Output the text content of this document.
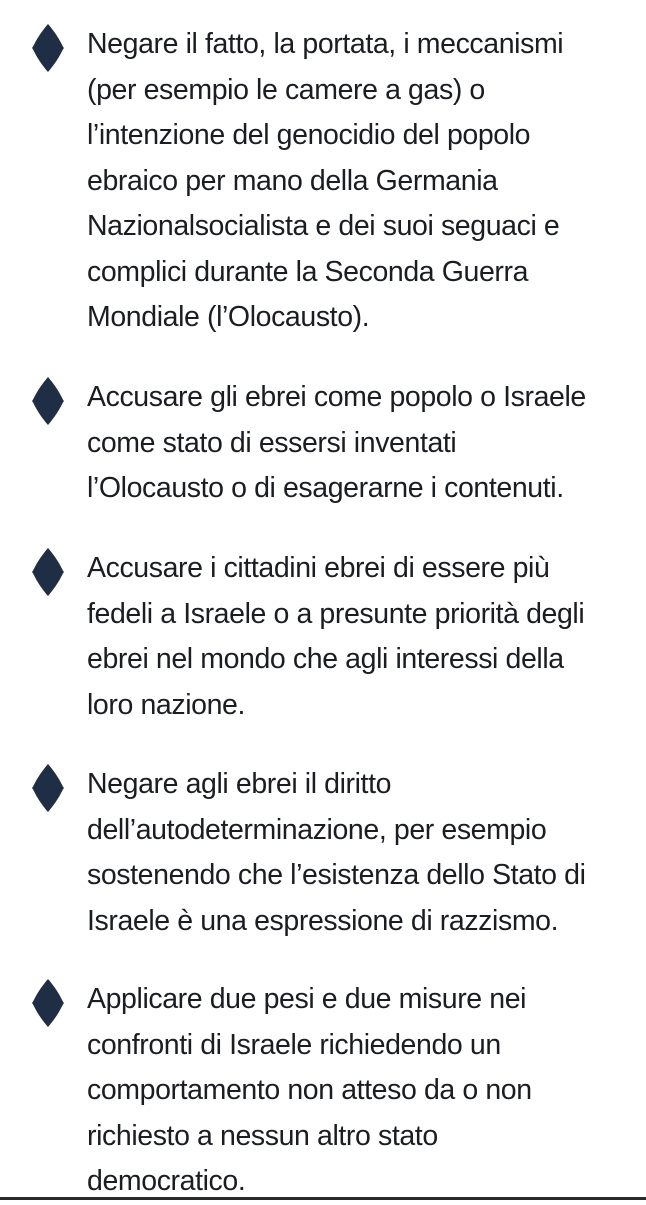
Negare il fatto, la portata, i meccanismi
(per esempio le camere a gas) o
l’intenzione del genocidio del popolo
ebraico per mano della Germania
Nazionalsocialista e dei suoi seguaci e
complici durante la Seconda Guerra
Mondiale (l’Olocausto).
Accusare gli ebrei come popolo o Israele
come stato di essersi inventati
l’Olocausto o di esagerarne i contenuti.
Accusare i cittadini ebrei di essere più
fedeli a Israele o a presunte priorità degli
ebrei nel mondo che agli interessi della
loro nazione.
Negare agli ebrei il diritto
dell’autodeterminazione, per esempio
sostenendo che l’esistenza dello Stato di
Israele è una espressione di razzismo.
Applicare due pesi e due misure nei
confronti di Israele richiedendo un
comportamento non atteso da o non
richiesto a nessun altro stato
democratico.
